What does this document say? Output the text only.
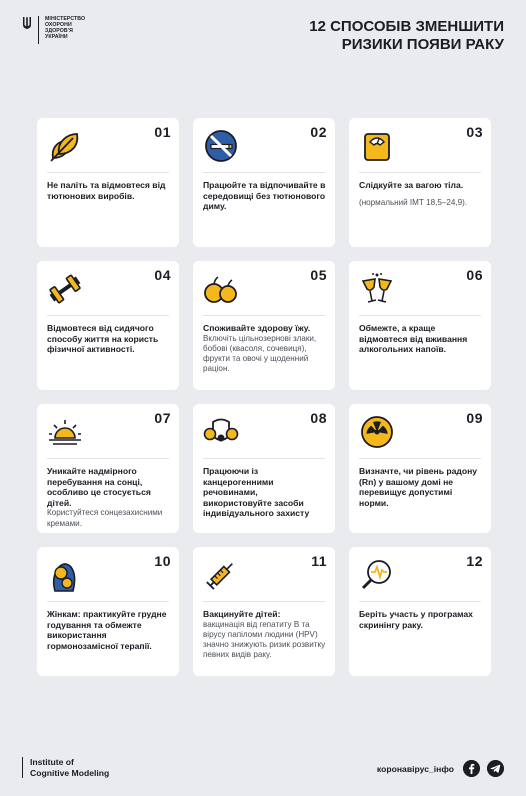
МІНІСТЕРСТВО
ОХОРОНИ
ЗДОРОВ'Я
УКРАЇНИ
12 СПОСОБІВ ЗМЕНШИТИ
РИЗИКИ ПОЯВИ РАКУ
01
Не паліть та відмовтеся від тютюнових виробів.
02
Працюйте та відпочивайте в середовищі без тютюнового диму.
03
Слідкуйте за вагою тіла.
(нормальний ІМТ 18,5–24,9).
04
Відмовтеся від сидячого способу життя на користь фізичної активності.
05
Споживайте здорову їжу.
Включіть цільнозернові злаки, бобові (квасоля, сочевиця), фрукти та овочі у щоденний раціон.
06
Обмежте, а краще відмовтеся від вживання алкогольних напоїв.
07
Уникайте надмірного перебування на сонці, особливо це стосується дітей.
Користуйтеся сонцезахисними кремами.
08
Працюючи із канцерогенними речовинами, використовуйте засоби індивідуального захисту
09
Визначте, чи рівень радону (Rn) у вашому домі не перевищує допустимі норми.
10
Жінкам: практикуйте грудне годування та обмежте використання гормонозамісної терапії.
11
Вакцинуйте дітей:
вакцинація від гепатиту В та вірусу папіломи людини (HPV) значно знижують ризик розвитку певних видів раку.
12
Беріть участь у програмах скринінгу раку.
Institute of
Cognitive Modeling	коронавірус_інфо
